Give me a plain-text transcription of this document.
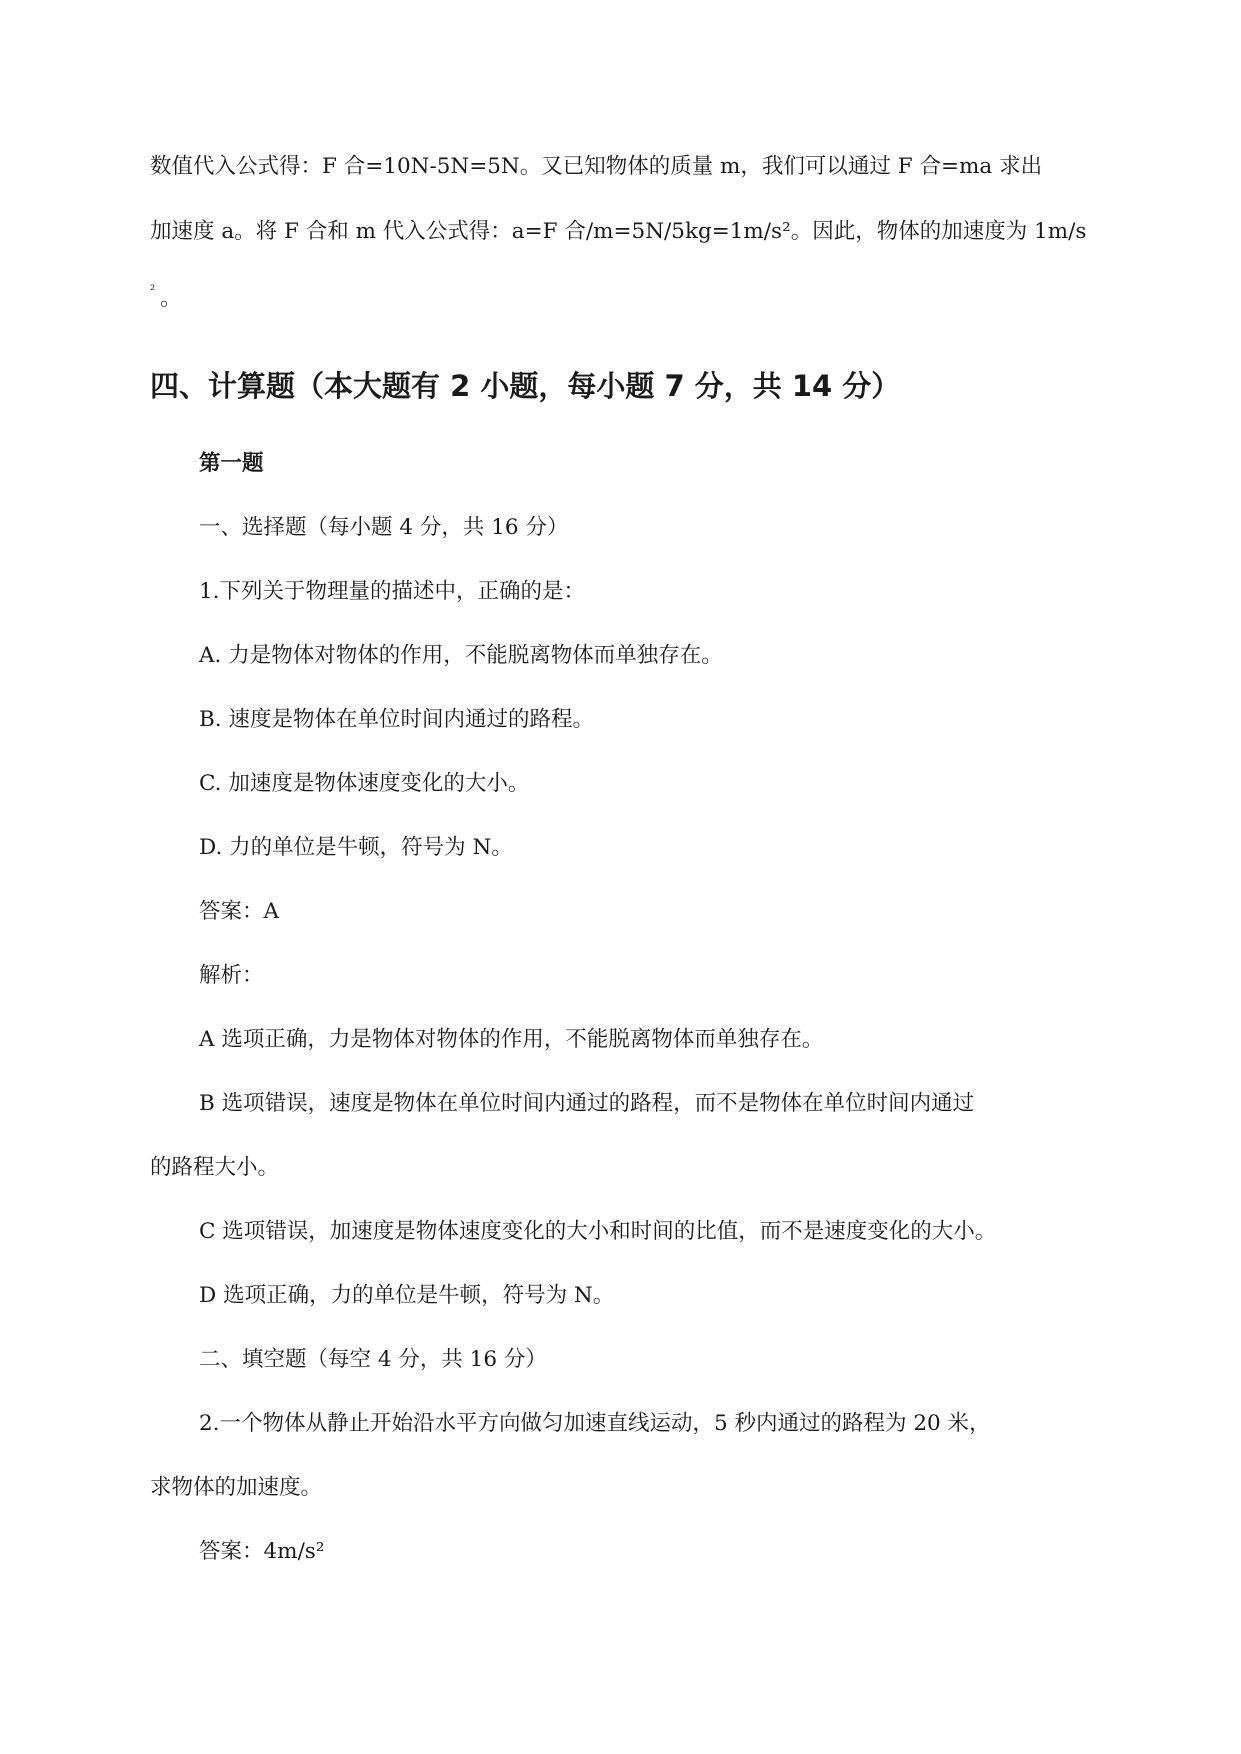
数值代入公式得：F 合=10N-5N=5N。又已知物体的质量 m，我们可以通过 F 合=ma 求出
加速度 a。将 F 合和 m 代入公式得：a=F 合/m=5N/5kg=1m/s²。因此，物体的加速度为 1m/s
² 。
四、计算题（本大题有 2 小题，每小题 7 分，共 14 分）
第一题
一、选择题（每小题 4 分，共 16 分）
1.下列关于物理量的描述中，正确的是：
A. 力是物体对物体的作用，不能脱离物体而单独存在。
B. 速度是物体在单位时间内通过的路程。
C. 加速度是物体速度变化的大小。
D. 力的单位是牛顿，符号为 N。
答案：A
解析：
A 选项正确，力是物体对物体的作用，不能脱离物体而单独存在。
B 选项错误，速度是物体在单位时间内通过的路程，而不是物体在单位时间内通过
的路程大小。
C 选项错误，加速度是物体速度变化的大小和时间的比值，而不是速度变化的大小。
D 选项正确，力的单位是牛顿，符号为 N。
二、填空题（每空 4 分，共 16 分）
2.一个物体从静止开始沿水平方向做匀加速直线运动，5 秒内通过的路程为 20 米，
求物体的加速度。
答案：4m/s²
